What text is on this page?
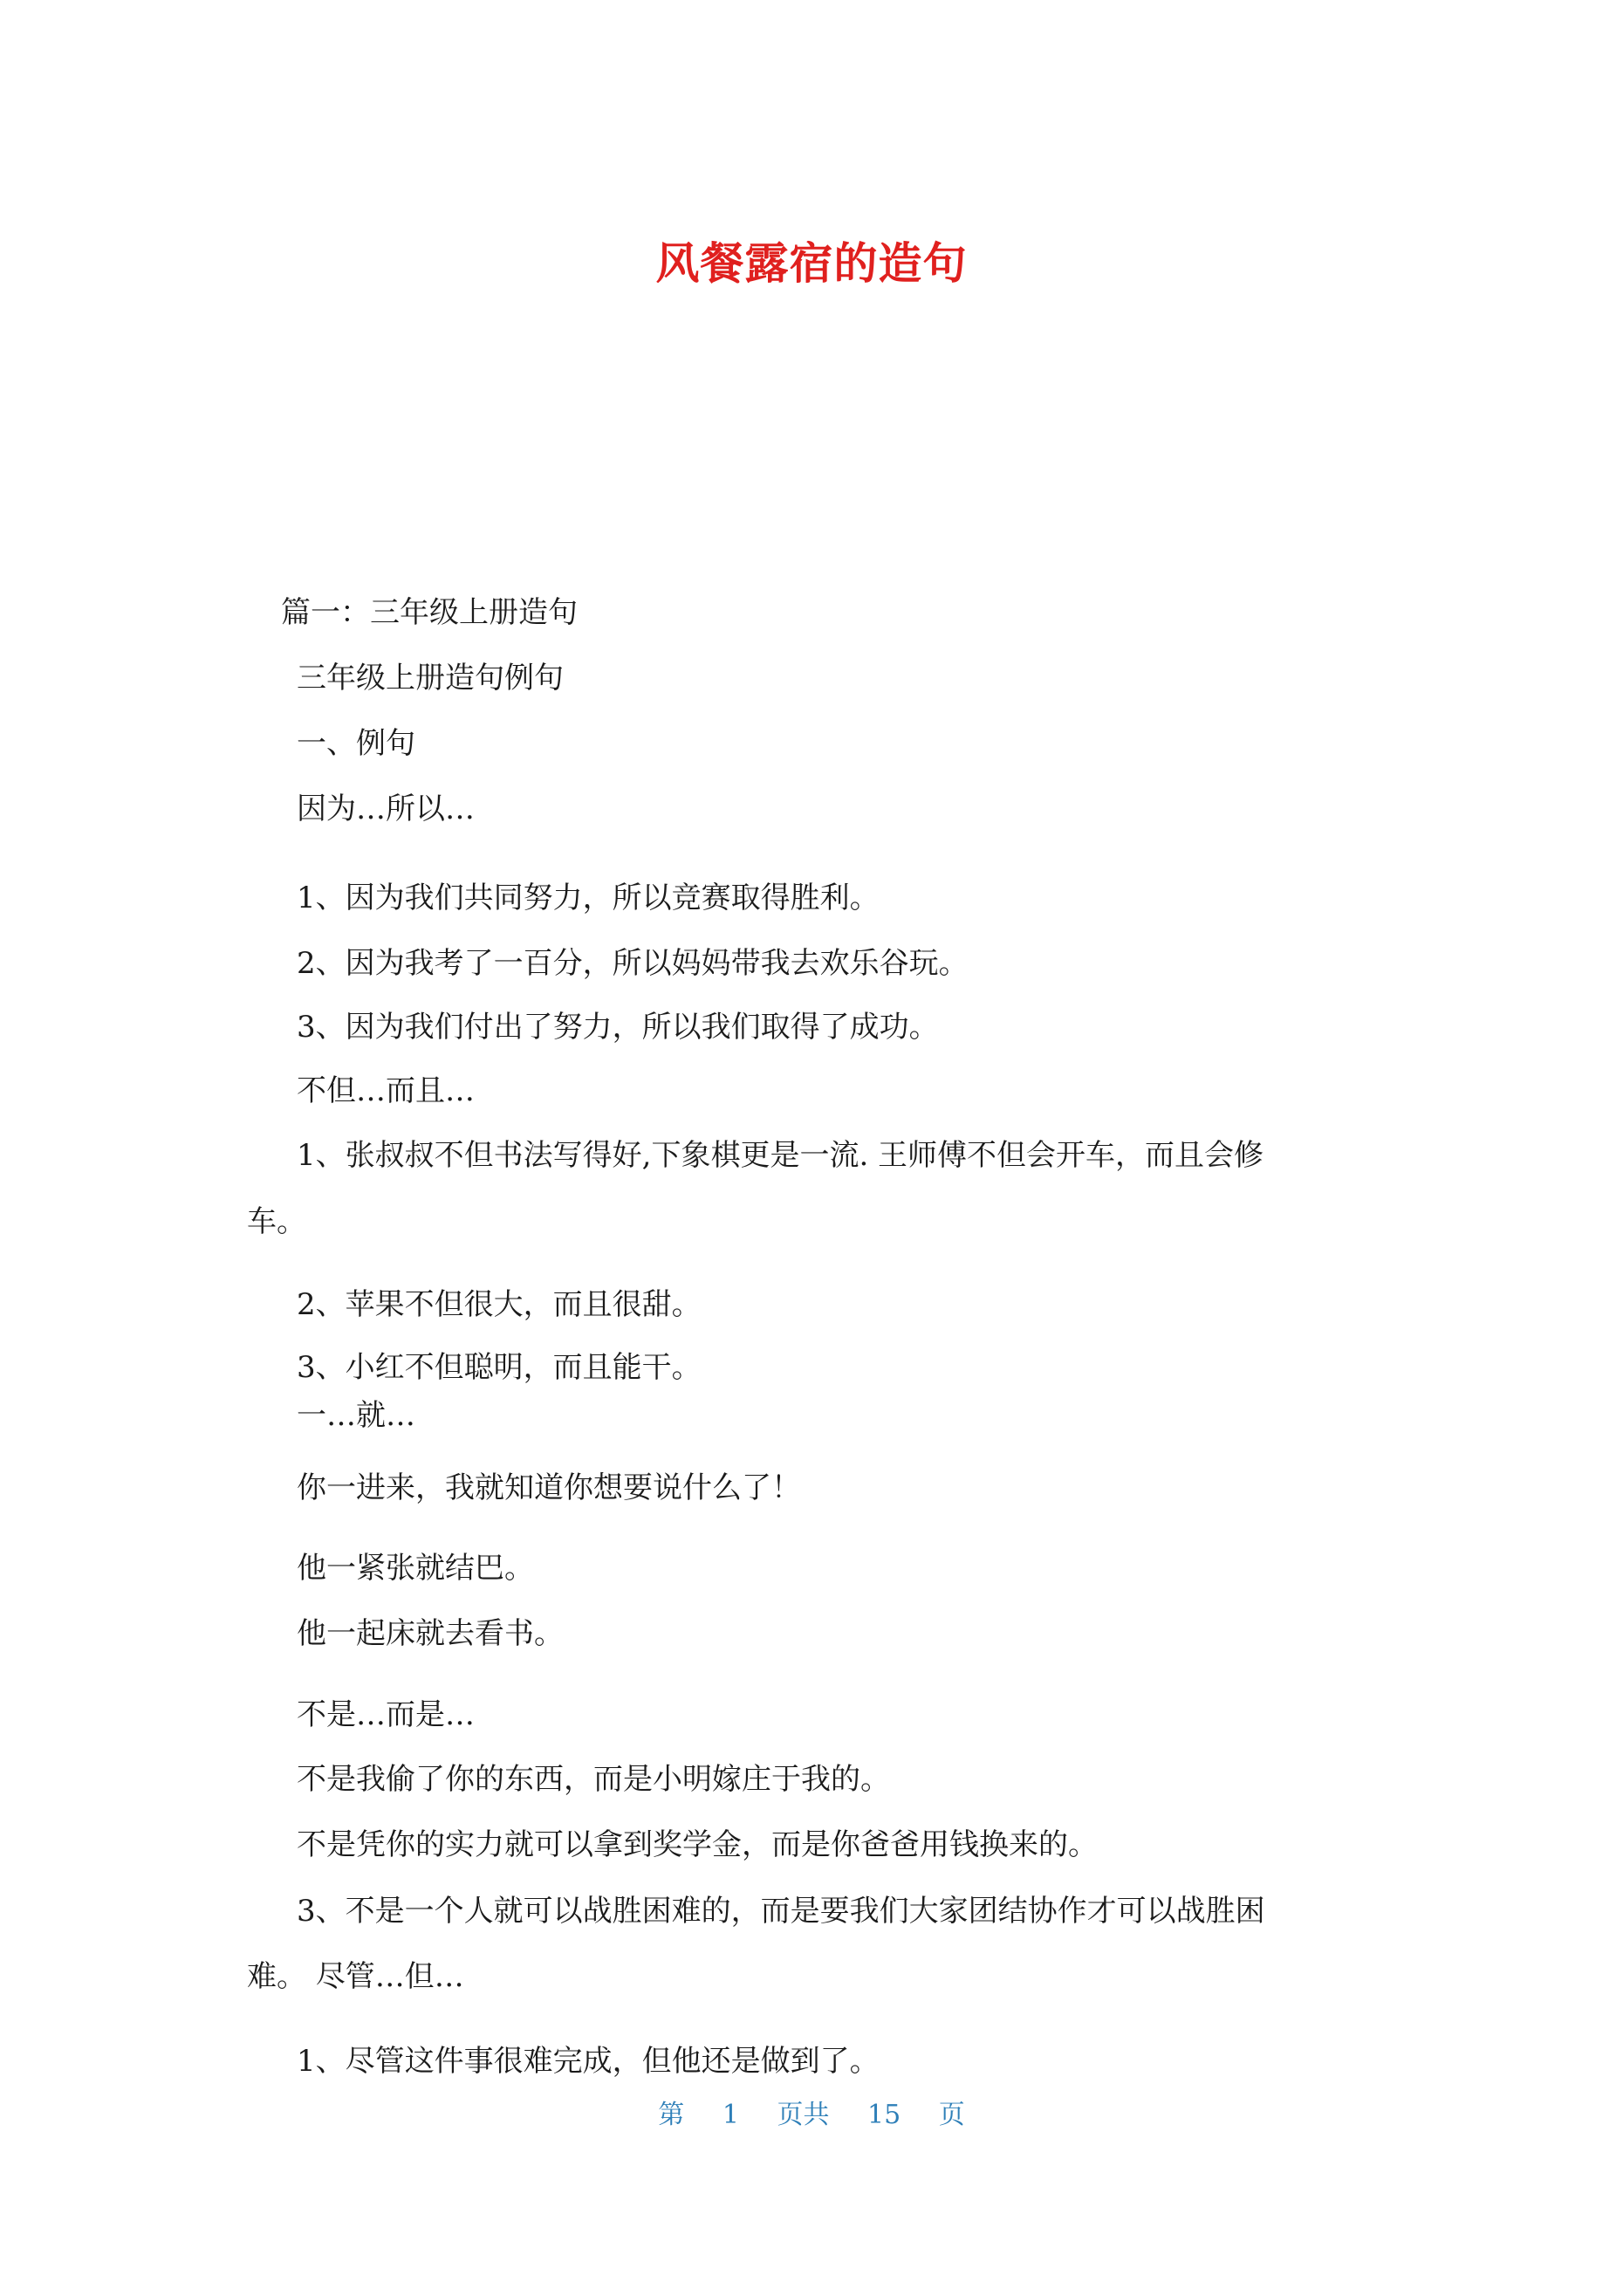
风餐露宿的造句
篇一：三年级上册造句
三年级上册造句例句
一、例句
因为…所以…
1、因为我们共同努力，所以竞赛取得胜利。
2、因为我考了一百分，所以妈妈带我去欢乐谷玩。
3、因为我们付出了努力，所以我们取得了成功。
不但…而且…
1、张叔叔不但书法写得好,下象棋更是一流. 王师傅不但会开车，而且会修
车。
2、苹果不但很大，而且很甜。
3、小红不但聪明，而且能干。
一…就…
你一进来，我就知道你想要说什么了！
他一紧张就结巴。
他一起床就去看书。
不是…而是…
不是我偷了你的东西，而是小明嫁庄于我的。
不是凭你的实力就可以拿到奖学金，而是你爸爸用钱换来的。
3、不是一个人就可以战胜困难的，而是要我们大家团结协作才可以战胜困
难。 尽管…但…
1、尽管这件事很难完成，但他还是做到了。
第 1 页共 15 页
